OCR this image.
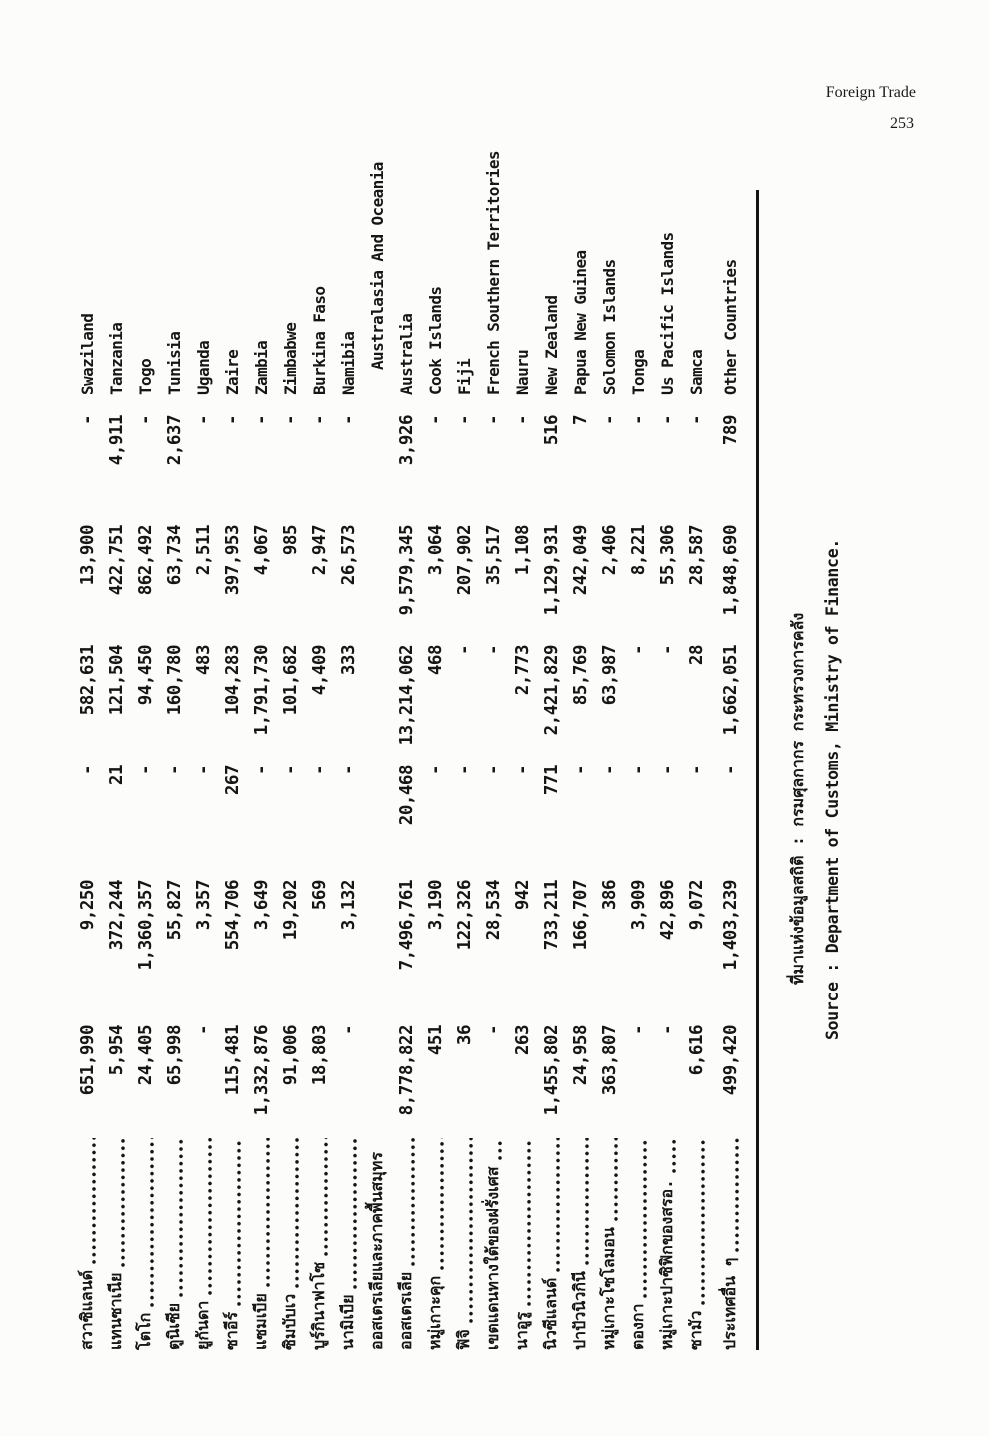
Foreign Trade
253
สวาซิแลนด์
651,990
9,250
-
582,631
13,900
-
Swaziland
แทนซาเนีย
5,954
372,244
21
121,504
422,751
4,911
Tanzania
โตโก
24,405
1,360,357
-
94,450
862,492
-
Togo
ตูนิเซีย
65,998
55,827
-
160,780
63,734
2,637
Tunisia
ยูกันดา
-
3,357
-
483
2,511
-
Uganda
ซาอีร์
115,481
554,706
267
104,283
397,953
-
Zaire
แซมเบีย
1,332,876
3,649
-
1,791,730
4,067
-
Zambia
ซิมบับเว
91,006
19,202
-
101,682
985
-
Zimbabwe
บูร์กินาฟาโซ
18,803
569
-
4,409
2,947
-
Burkina Faso
นามิเบีย
-
3,132
-
333
26,573
-
Namibia
ออสเตรเลียและภาคพื้นสมุทร
Australasia And Oceania
ออสเตรเลีย
8,778,822
7,496,761
20,468
13,214,062
9,579,345
3,926
Australia
หมู่เกาะคุก
451
3,190
-
468
3,064
-
Cook Islands
ฟิจิ
36
122,326
-
-
207,902
-
Fiji
เขตแดนทางใต้ของฝรั่งเศส
-
28,534
-
-
35,517
-
French Southern Territories
นาอูรู
263
942
-
2,773
1,108
-
Nauru
นิวซีแลนด์
1,455,802
733,211
771
2,421,829
1,129,931
516
New Zealand
ปาปัวนิวกินี
24,958
166,707
-
85,769
242,049
7
Papua New Guinea
หมู่เกาะโซโลมอน
363,807
386
-
63,987
2,406
-
Solomon Islands
ตองกา
-
3,909
-
-
8,221
-
Tonga
หมู่เกาะปาซิฟิกของสรอ.
-
42,896
-
-
55,306
-
Us Pacific Islands
ซามัว
6,616
9,072
-
28
28,587
-
Samca
ประเทศอื่น ๆ
499,420
1,403,239
-
1,662,051
1,848,690
789
Other Countries
ที่มาแห่งข้อมูลสถิติ : กรมศุลกากร กระทรวงการคลัง Source : Department of Customs, Ministry of Finance.
